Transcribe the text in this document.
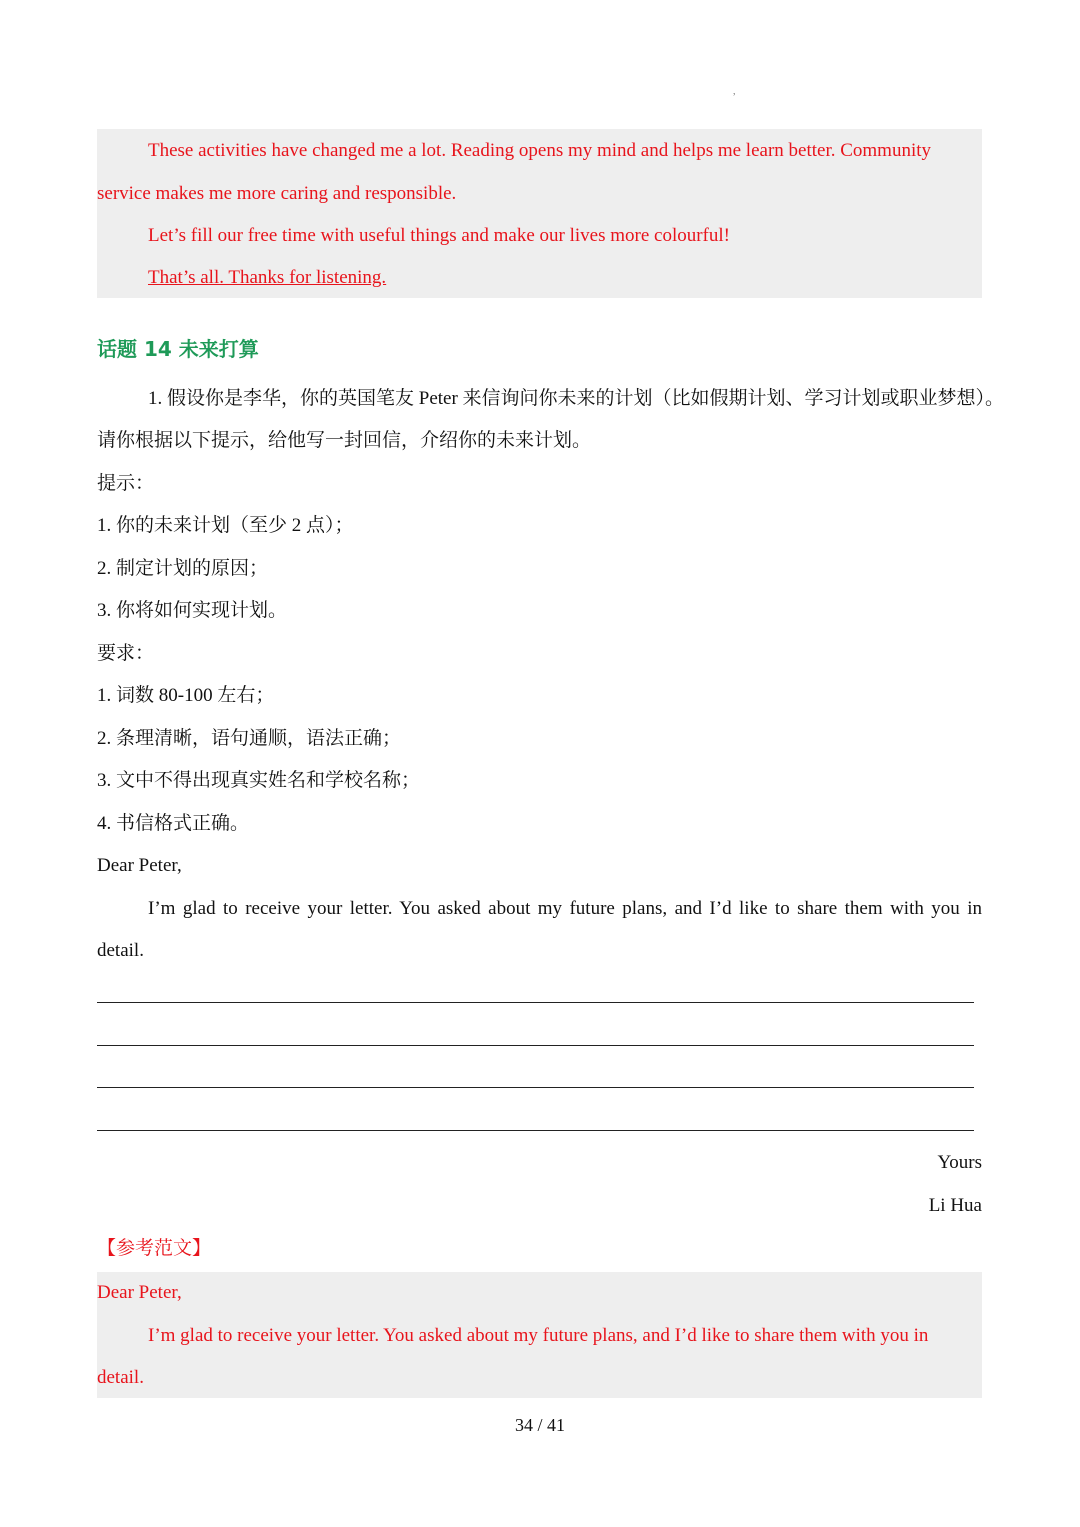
,
These activities have changed me a lot. Reading opens my mind and helps me learn better. Community
service makes me more caring and responsible.
Let’s fill our free time with useful things and make our lives more colourful!
That’s all. Thanks for listening.
话题 14 未来打算
1. 假设你是李华，你的英国笔友 Peter 来信询问你未来的计划（比如假期计划、学习计划或职业梦想）。
请你根据以下提示，给他写一封回信，介绍你的未来计划。
提示：
1. 你的未来计划（至少 2 点）；
2. 制定计划的原因；
3. 你将如何实现计划。
要求：
1. 词数 80-100 左右；
2. 条理清晰，语句通顺，语法正确；
3. 文中不得出现真实姓名和学校名称；
4. 书信格式正确。
Dear Peter,
I’m glad to receive your letter. You asked about my future plans, and I’d like to share them with you in
detail.
Yours
Li Hua
【参考范文】
Dear Peter,
I’m glad to receive your letter. You asked about my future plans, and I’d like to share them with you in
detail.
34 / 41
